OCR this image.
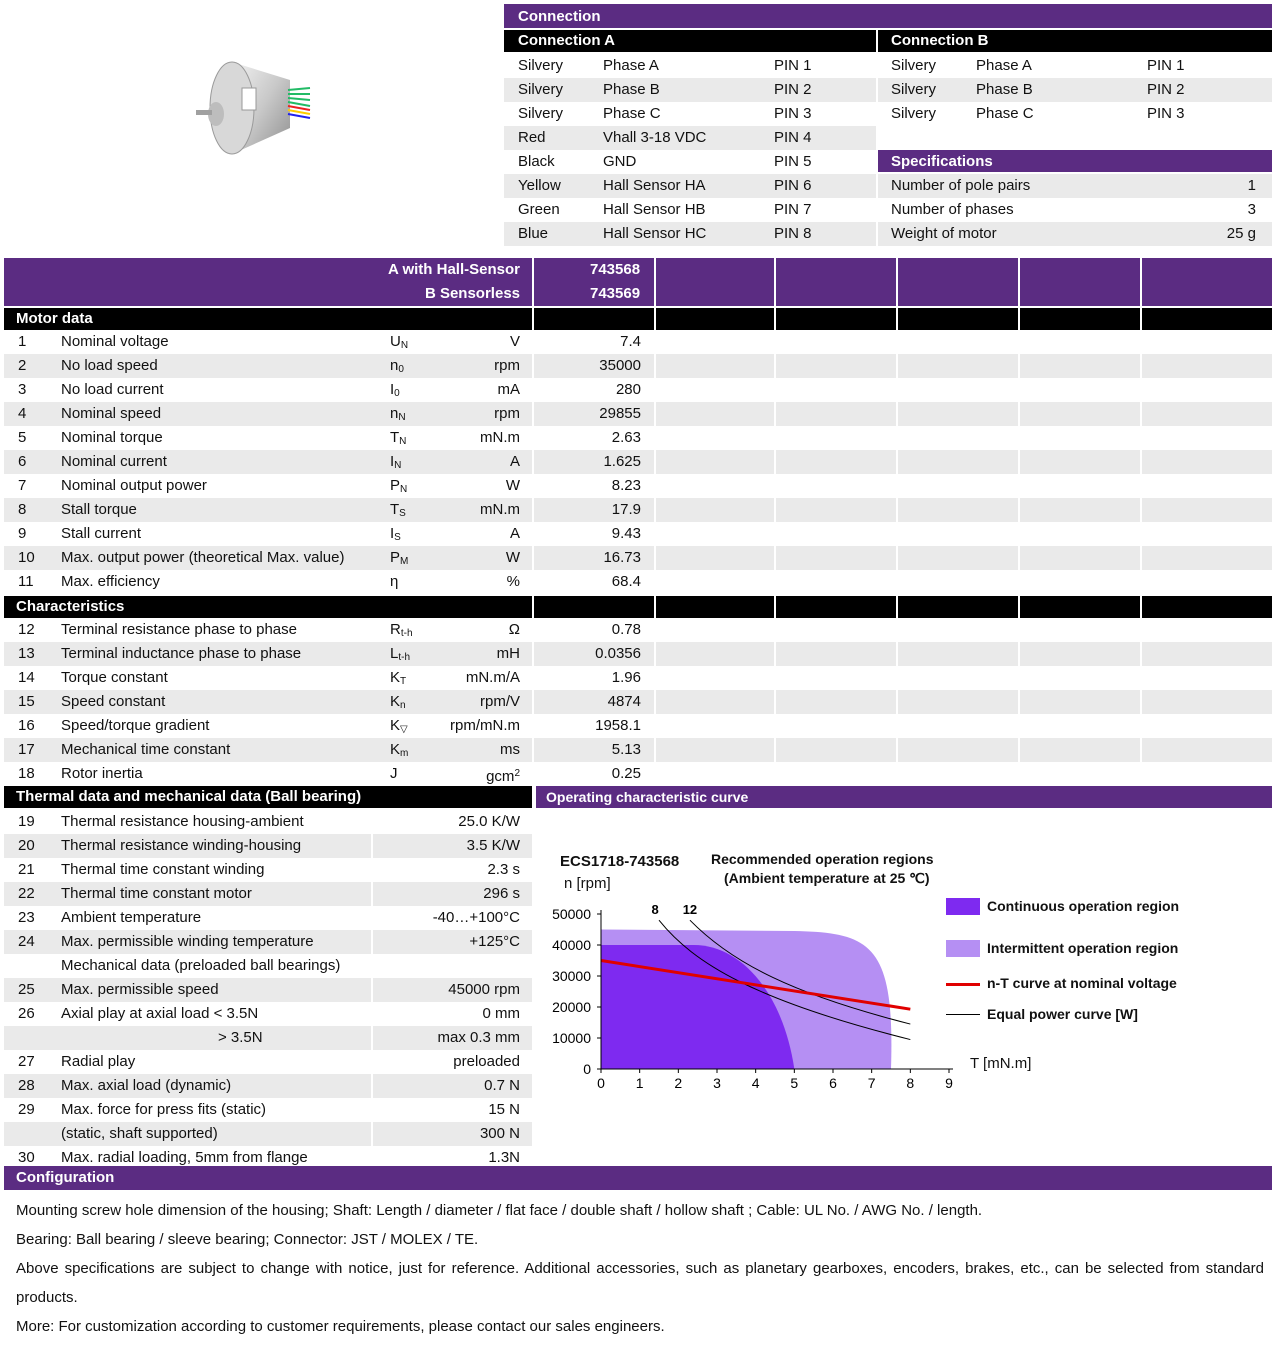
Connection
Connection A	Connection B
Silvery	Phase A	PIN 1
Silvery	Phase B	PIN 2
Silvery	Phase C	PIN 3
Red	Vhall 3-18 VDC	PIN 4
Black	GND	PIN 5
Yellow	Hall Sensor HA	PIN 6
Green	Hall Sensor HB	PIN 7
Blue	Hall Sensor HC	PIN 8
Silvery	Phase A	PIN 1
Silvery	Phase B	PIN 2
Silvery	Phase C	PIN 3
Specifications
Number of pole pairs	1
Number of phases	3
Weight of motor	25 g
A with Hall-Sensor	743568
B Sensorless	743569
Motor data
1 Nominal voltage	$U_N$	V	7.4
2 No load speed	$n_0$	rpm	35000
3 No load current	$I_0$	mA	280
4 Nominal speed	$n_N$	rpm	29855
5 Nominal torque	$T_N$	mN.m	2.63
6 Nominal current	$I_N$	A	1.625
7 Nominal output power	$P_N$	W	8.23
8 Stall torque	$T_S$	mN.m	17.9
9 Stall current	$I_S$	A	9.43
10 Max. output power (theoretical Max. value)	$P_M$	W	16.73
11 Max. efficiency	η	%	68.4
Characteristics
12 Terminal resistance phase to phase	$R_{t-h}$	Ω	0.78
13 Terminal inductance phase to phase	$L_{t-h}$	mH	0.0356
14 Torque constant	$K_T$	mN.m/A	1.96
15 Speed constant	$K_n$	rpm/V	4874
16 Speed/torque gradient	$K_▽$	rpm/mN.m	1958.1
17 Mechanical time constant	$K_m$	ms	5.13
18 Rotor inertia	J	gcm$^2$	0.25
Thermal data and mechanical data (Ball bearing)
19 Thermal resistance housing-ambient	25.0 K/W
20 Thermal resistance winding-housing	3.5 K/W
21 Thermal time constant winding	2.3 s
22 Thermal time constant motor	296 s
23 Ambient temperature	-40…+100°C
24 Max. permissible winding temperature	+125°C
Mechanical data (preloaded ball bearings)
25 Max. permissible speed	45000 rpm
26 Axial play at axial load < 3.5N	0 mm
> 3.5N	max 0.3 mm
27 Radial play	preloaded
28 Max. axial load (dynamic)	0.7 N
29 Max. force for press fits (static)	15 N
(static, shaft supported)	300 N
30 Max. radial loading, 5mm from flange	1.3N
Operating characteristic curve
ECS1718-743568
n [rpm]
Recommended operation regions
(Ambient temperature at 25 ℃)
T [mN.m]
0 1 2 3 4 5 6 7 8 9
0
10000
20000
30000
40000
50000	8 12	Continuous operation region
Intermittent operation region
n-T curve at nominal voltage
Equal power curve [W]
Configuration
Mounting screw hole dimension of the housing; Shaft: Length / diameter / flat face / double shaft / hollow shaft ; Cable: UL No. / AWG No. / length.
Bearing: Ball bearing / sleeve bearing; Connector: JST / MOLEX / TE.
Above specifications are subject to change with notice, just for reference. Additional accessories, such as planetary gearboxes, encoders, brakes, etc., can be selected from standard products.
More: For customization according to customer requirements, please contact our sales engineers.
